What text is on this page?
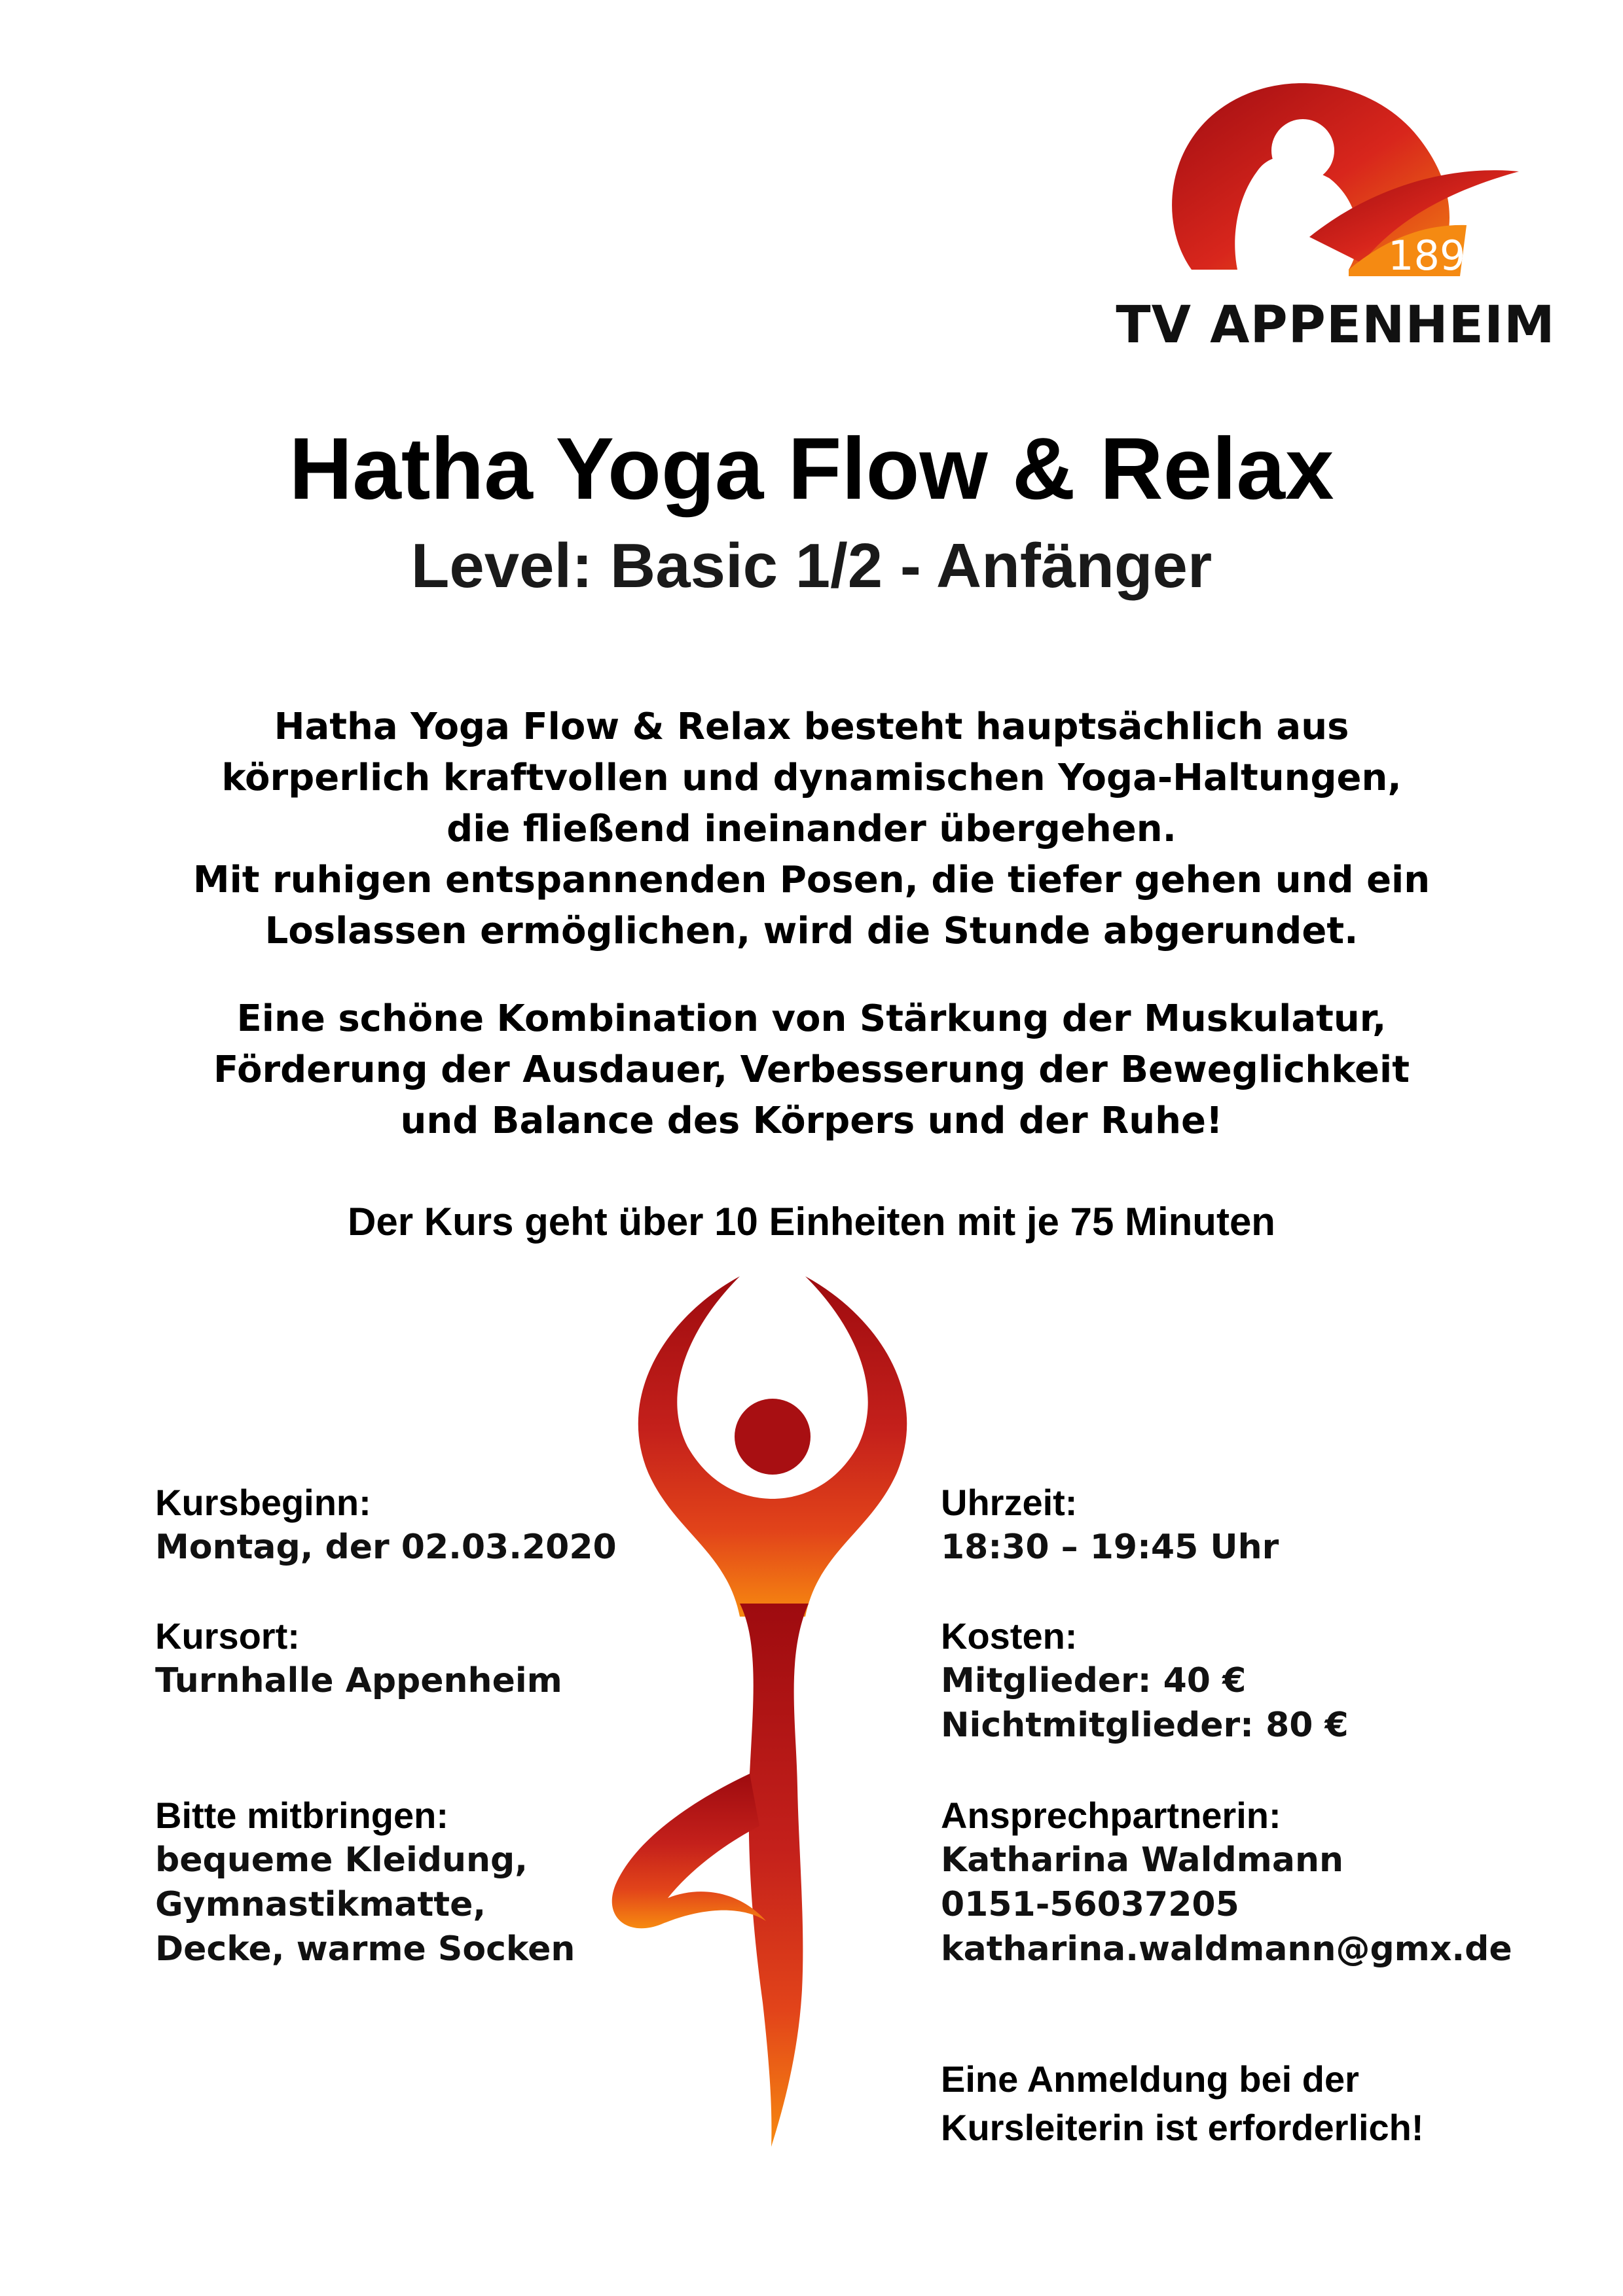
1891
TV APPENHEIM
Hatha Yoga Flow & Relax
Level: Basic 1/2 - Anfänger
Hatha Yoga Flow & Relax besteht hauptsächlich aus
körperlich kraftvollen und dynamischen Yoga-Haltungen,
die fließend ineinander übergehen.
Mit ruhigen entspannenden Posen, die tiefer gehen und ein
Loslassen ermöglichen, wird die Stunde abgerundet.
Eine schöne Kombination von Stärkung der Muskulatur,
Förderung der Ausdauer, Verbesserung der Beweglichkeit
und Balance des Körpers und der Ruhe!
Der Kurs geht über 10 Einheiten mit je 75 Minuten
Kursbeginn:
Montag, der 02.03.2020
Kursort:
Turnhalle Appenheim
Bitte mitbringen:
bequeme Kleidung,
Gymnastikmatte,
Decke, warme Socken
Uhrzeit:
18:30 – 19:45 Uhr
Kosten:
Mitglieder: 40 €
Nichtmitglieder: 80 €
Ansprechpartnerin:
Katharina Waldmann
0151-56037205
katharina.waldmann@gmx.de
Eine Anmeldung bei der
Kursleiterin ist erforderlich!
